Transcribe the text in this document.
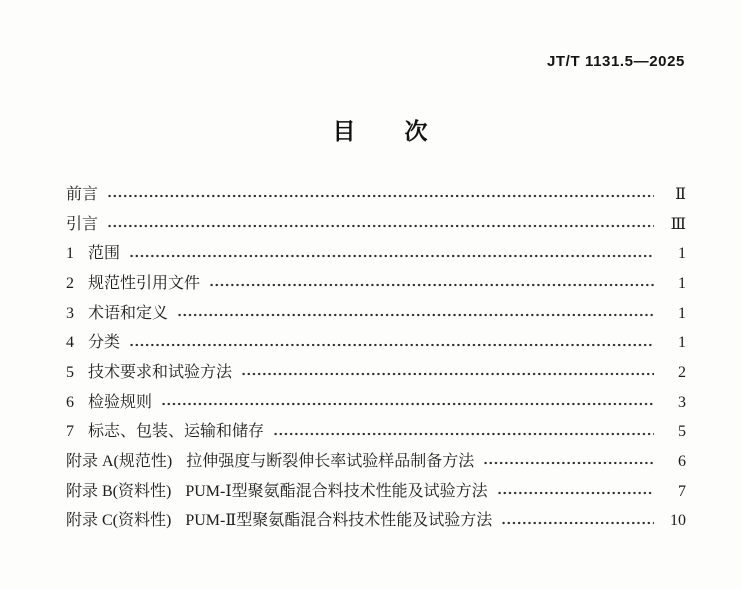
JT/T 1131.5—2025
目　　次
前言	Ⅱ
引言	Ⅲ
1 范围	1
2 规范性引用文件	1
3 术语和定义	1
4 分类	1
5 技术要求和试验方法	2
6 检验规则	3
7 标志、包装、运输和储存	5
附录 A(规范性) 拉伸强度与断裂伸长率试验样品制备方法	6
附录 B(资料性) PUM-Ⅰ型聚氨酯混合料技术性能及试验方法	7
附录 C(资料性) PUM-Ⅱ型聚氨酯混合料技术性能及试验方法	10
